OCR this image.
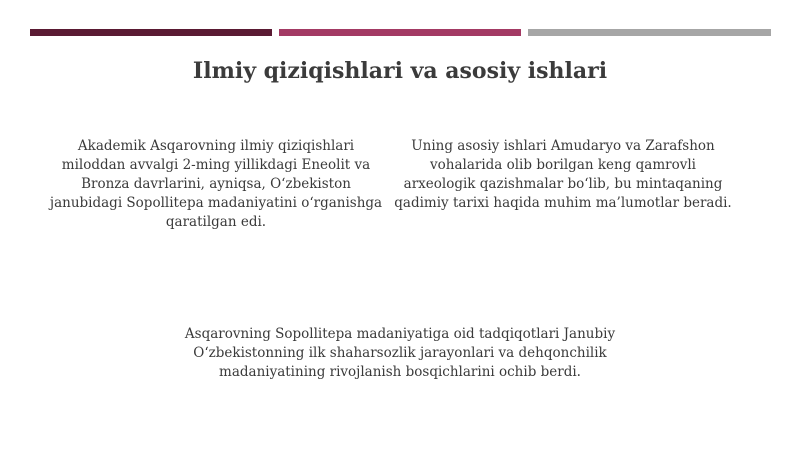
Ilmiy qiziqishlari va asosiy ishlari
Akademik Asqarovning ilmiy qiziqishlari miloddan avvalgi 2-ming yillikdagi Eneolit va Bronza davrlarini, ayniqsa, O‘zbekiston janubidagi Sopollitepa madaniyatini o‘rganishga qaratilgan edi.
Uning asosiy ishlari Amudaryo va Zarafshon vohalarida olib borilgan keng qamrovli arxeologik qazishmalar bo‘lib, bu mintaqaning qadimiy tarixi haqida muhim ma’lumotlar beradi.
Asqarovning Sopollitepa madaniyatiga oid tadqiqotlari Janubiy O‘zbekistonning ilk shaharsozlik jarayonlari va dehqonchilik madaniyatining rivojlanish bosqichlarini ochib berdi.
